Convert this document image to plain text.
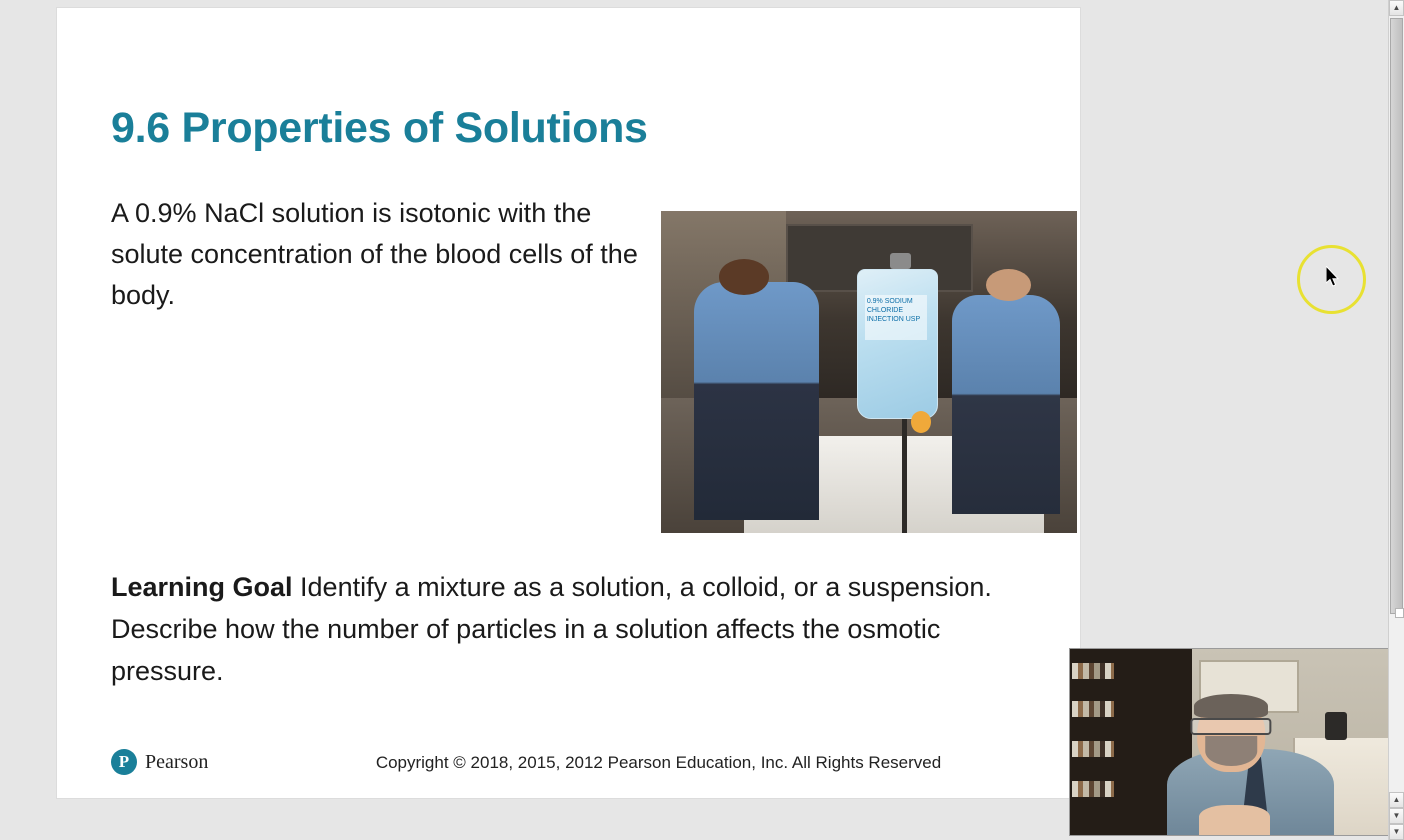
9.6 Properties of Solutions
A 0.9% NaCl solution is isotonic with the solute concentration of the blood cells of the body.	0.9% SODIUM CHLORIDE INJECTION USP
Learning Goal Identify a mixture as a solution, a colloid, or a suspension. Describe how the number of particles in a solution affects the osmotic pressure.
P Pearson	Copyright © 2018, 2015, 2012 Pearson Education, Inc. All Rights Reserved
▲
▲
▼
▼
